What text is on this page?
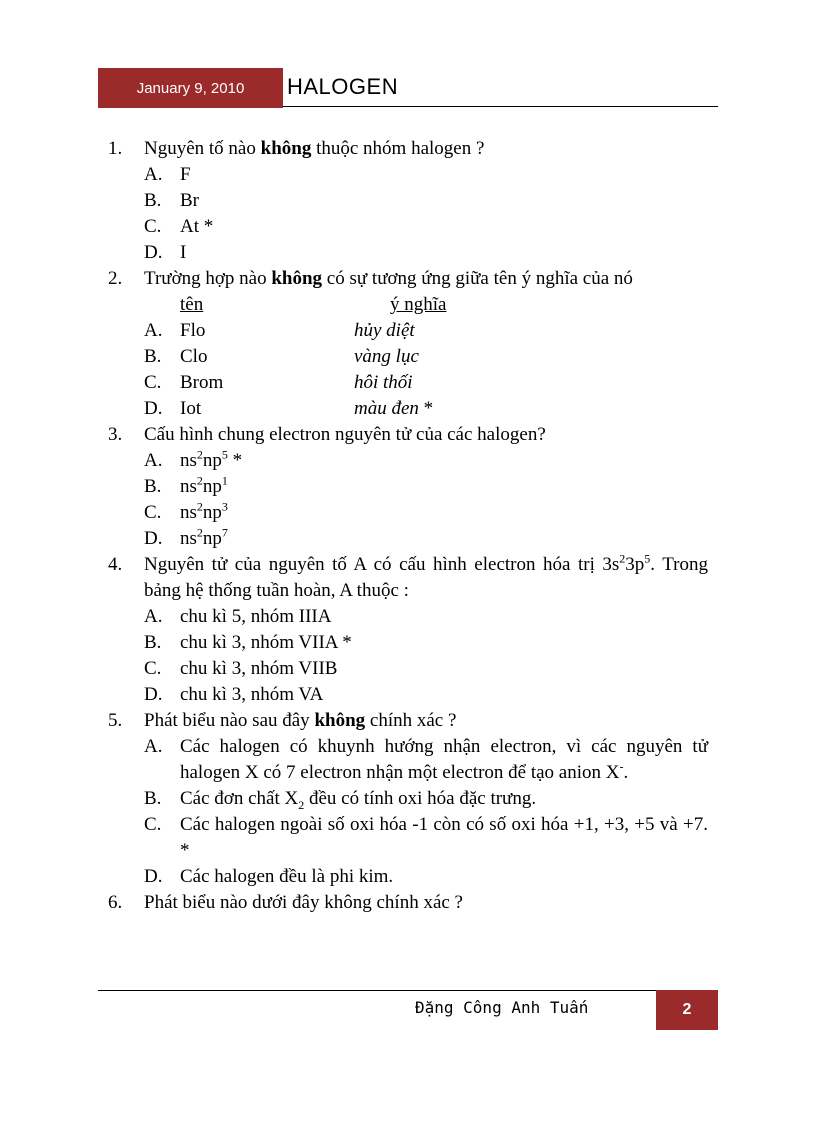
January 9, 2010	HALOGEN
1. Nguyên tố nào không thuộc nhóm halogen ?
A. F
B. Br
C. At *
D. I
2. Trường hợp nào không có sự tương ứng giữa tên ý nghĩa của nó
tên	ý nghĩa
A. Flo	hủy diệt
B. Clo	vàng lục
C. Brom	hôi thối
D. Iot	màu đen *
3. Cấu hình chung electron nguyên tử của các halogen?
A. $ns^2np^5$ *
B. $ns^2np^1$
C. $ns^2np^3$
D. $ns^2np^7$
4. Nguyên tử của nguyên tố A có cấu hình electron hóa trị $3s^23p^5$. Trong bảng hệ thống tuần hoàn, A thuộc :
A. chu kì 5, nhóm IIIA
B. chu kì 3, nhóm VIIA *
C. chu kì 3, nhóm VIIB
D. chu kì 3, nhóm VA
5. Phát biểu nào sau đây không chính xác ?
A. Các halogen có khuynh hướng nhận electron, vì các nguyên tử halogen X có 7 electron nhận một electron để tạo anion X-.
B. Các đơn chất $X_2$ đều có tính oxi hóa đặc trưng.
C. Các halogen ngoài số oxi hóa -1 còn có số oxi hóa +1, +3, +5 và +7. *
D. Các halogen đều là phi kim.
6. Phát biểu nào dưới đây không chính xác ?
Đặng Công Anh Tuấn	2
